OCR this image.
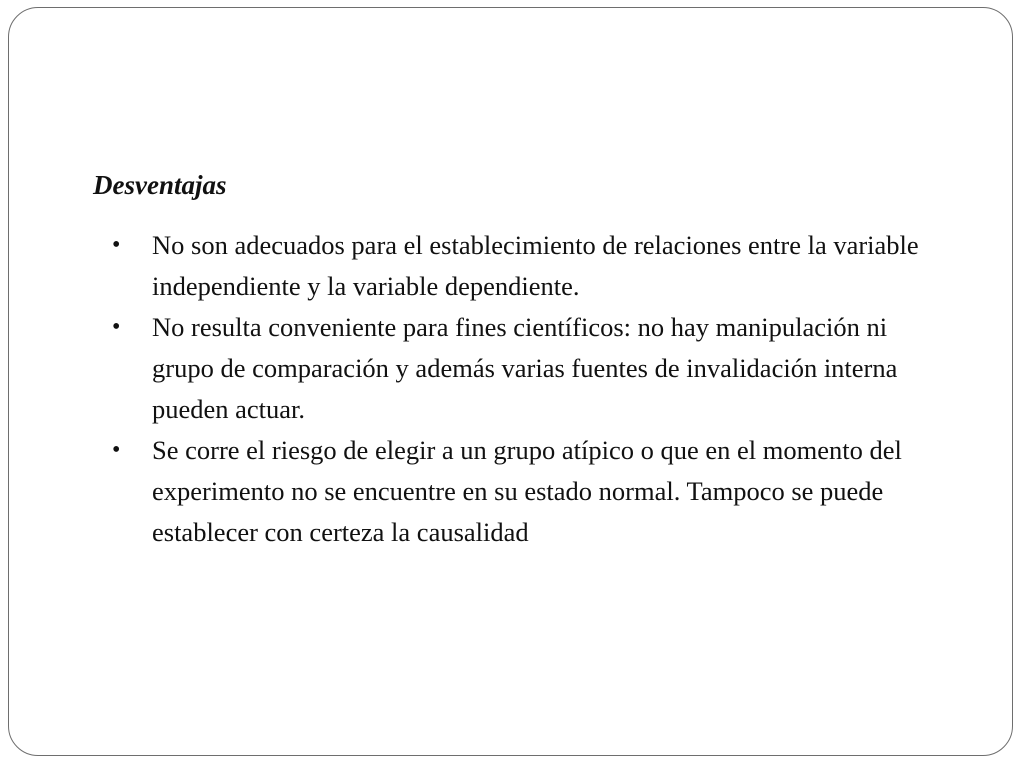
Desventajas
• No son adecuados para el establecimiento de relaciones entre la variable independiente y la variable dependiente.
• No resulta conveniente para fines científicos: no hay manipulación ni grupo de comparación y además varias fuentes de invalidación interna pueden actuar.
• Se corre el riesgo de elegir a un grupo atípico o que en el momento del experimento no se encuentre en su estado normal. Tampoco se puede establecer con certeza la causalidad
